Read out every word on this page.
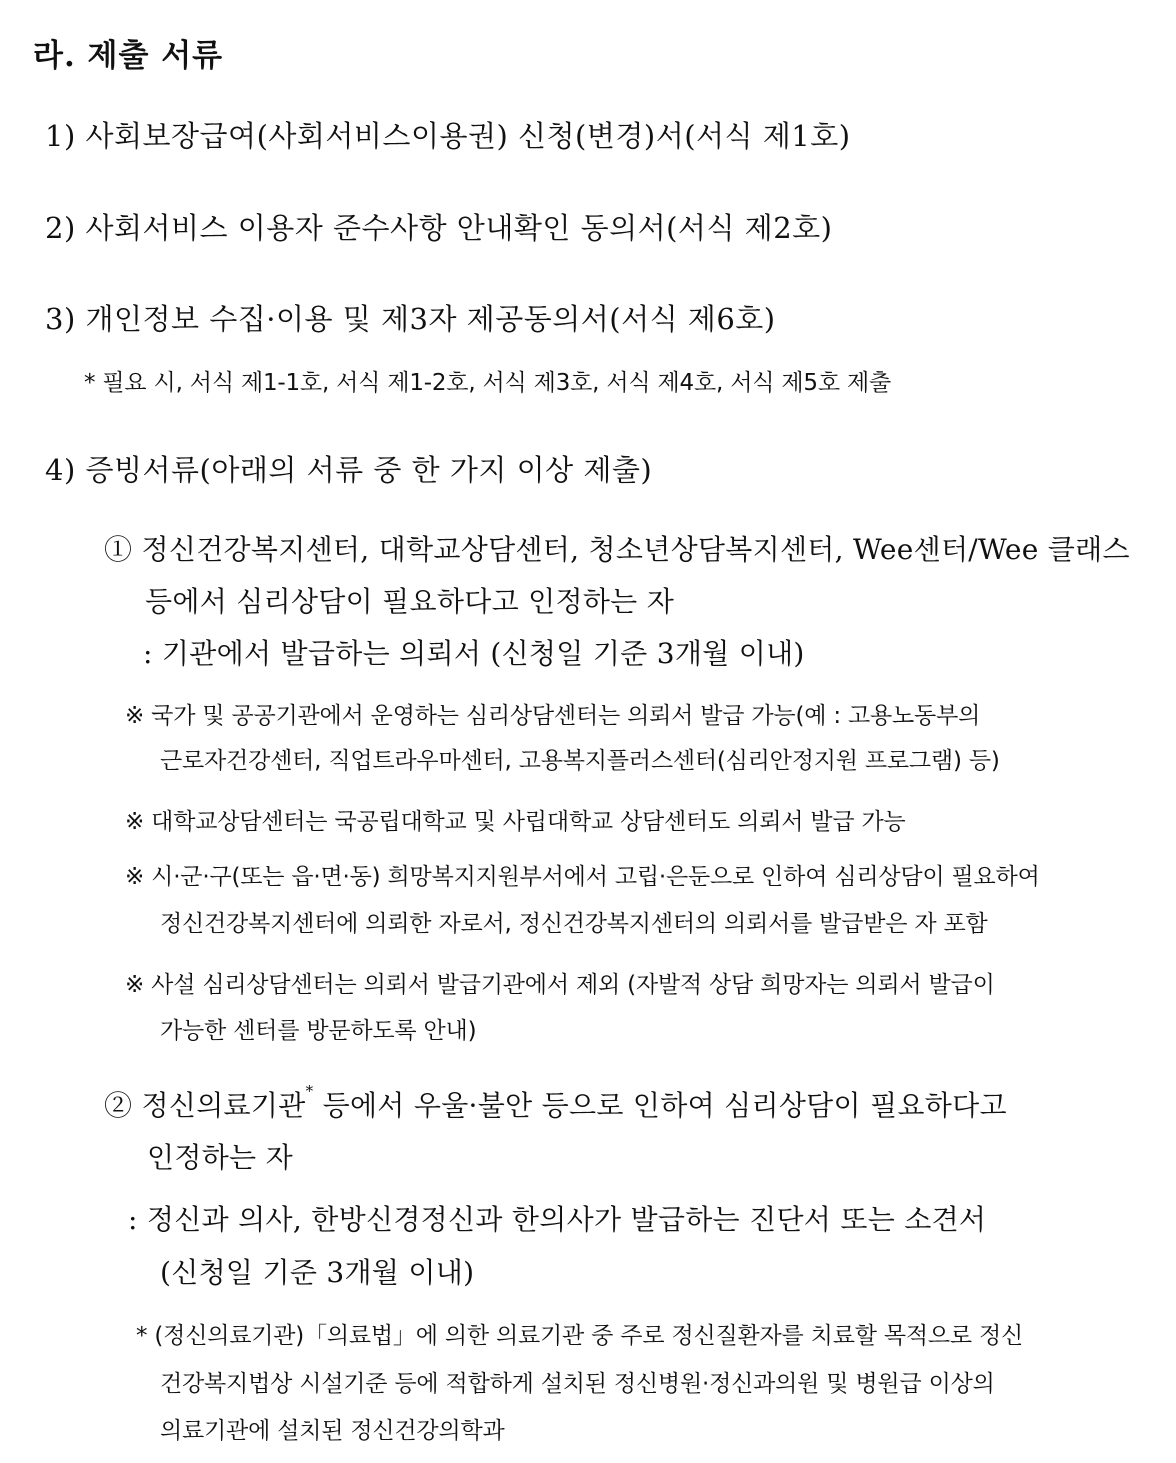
라. 제출 서류
1) 사회보장급여(사회서비스이용권) 신청(변경)서(서식 제1호)
2) 사회서비스 이용자 준수사항 안내확인 동의서(서식 제2호)
3) 개인정보 수집·이용 및 제3자 제공동의서(서식 제6호)
* 필요 시, 서식 제1-1호, 서식 제1-2호, 서식 제3호, 서식 제4호, 서식 제5호 제출
4) 증빙서류(아래의 서류 중 한 가지 이상 제출)
① 정신건강복지센터, 대학교상담센터, 청소년상담복지센터, Wee센터/Wee 클래스
등에서 심리상담이 필요하다고 인정하는 자
: 기관에서 발급하는 의뢰서 (신청일 기준 3개월 이내)
※ 국가 및 공공기관에서 운영하는 심리상담센터는 의뢰서 발급 가능(예 : 고용노동부의
근로자건강센터, 직업트라우마센터, 고용복지플러스센터(심리안정지원 프로그램) 등)
※ 대학교상담센터는 국공립대학교 및 사립대학교 상담센터도 의뢰서 발급 가능
※ 시·군·구(또는 읍·면·동) 희망복지지원부서에서 고립·은둔으로 인하여 심리상담이 필요하여
정신건강복지센터에 의뢰한 자로서, 정신건강복지센터의 의뢰서를 발급받은 자 포함
※ 사설 심리상담센터는 의뢰서 발급기관에서 제외 (자발적 상담 희망자는 의뢰서 발급이
가능한 센터를 방문하도록 안내)
② 정신의료기관* 등에서 우울·불안 등으로 인하여 심리상담이 필요하다고
인정하는 자
: 정신과 의사, 한방신경정신과 한의사가 발급하는 진단서 또는 소견서
(신청일 기준 3개월 이내)
* (정신의료기관)「의료법」에 의한 의료기관 중 주로 정신질환자를 치료할 목적으로 정신
건강복지법상 시설기준 등에 적합하게 설치된 정신병원·정신과의원 및 병원급 이상의
의료기관에 설치된 정신건강의학과
